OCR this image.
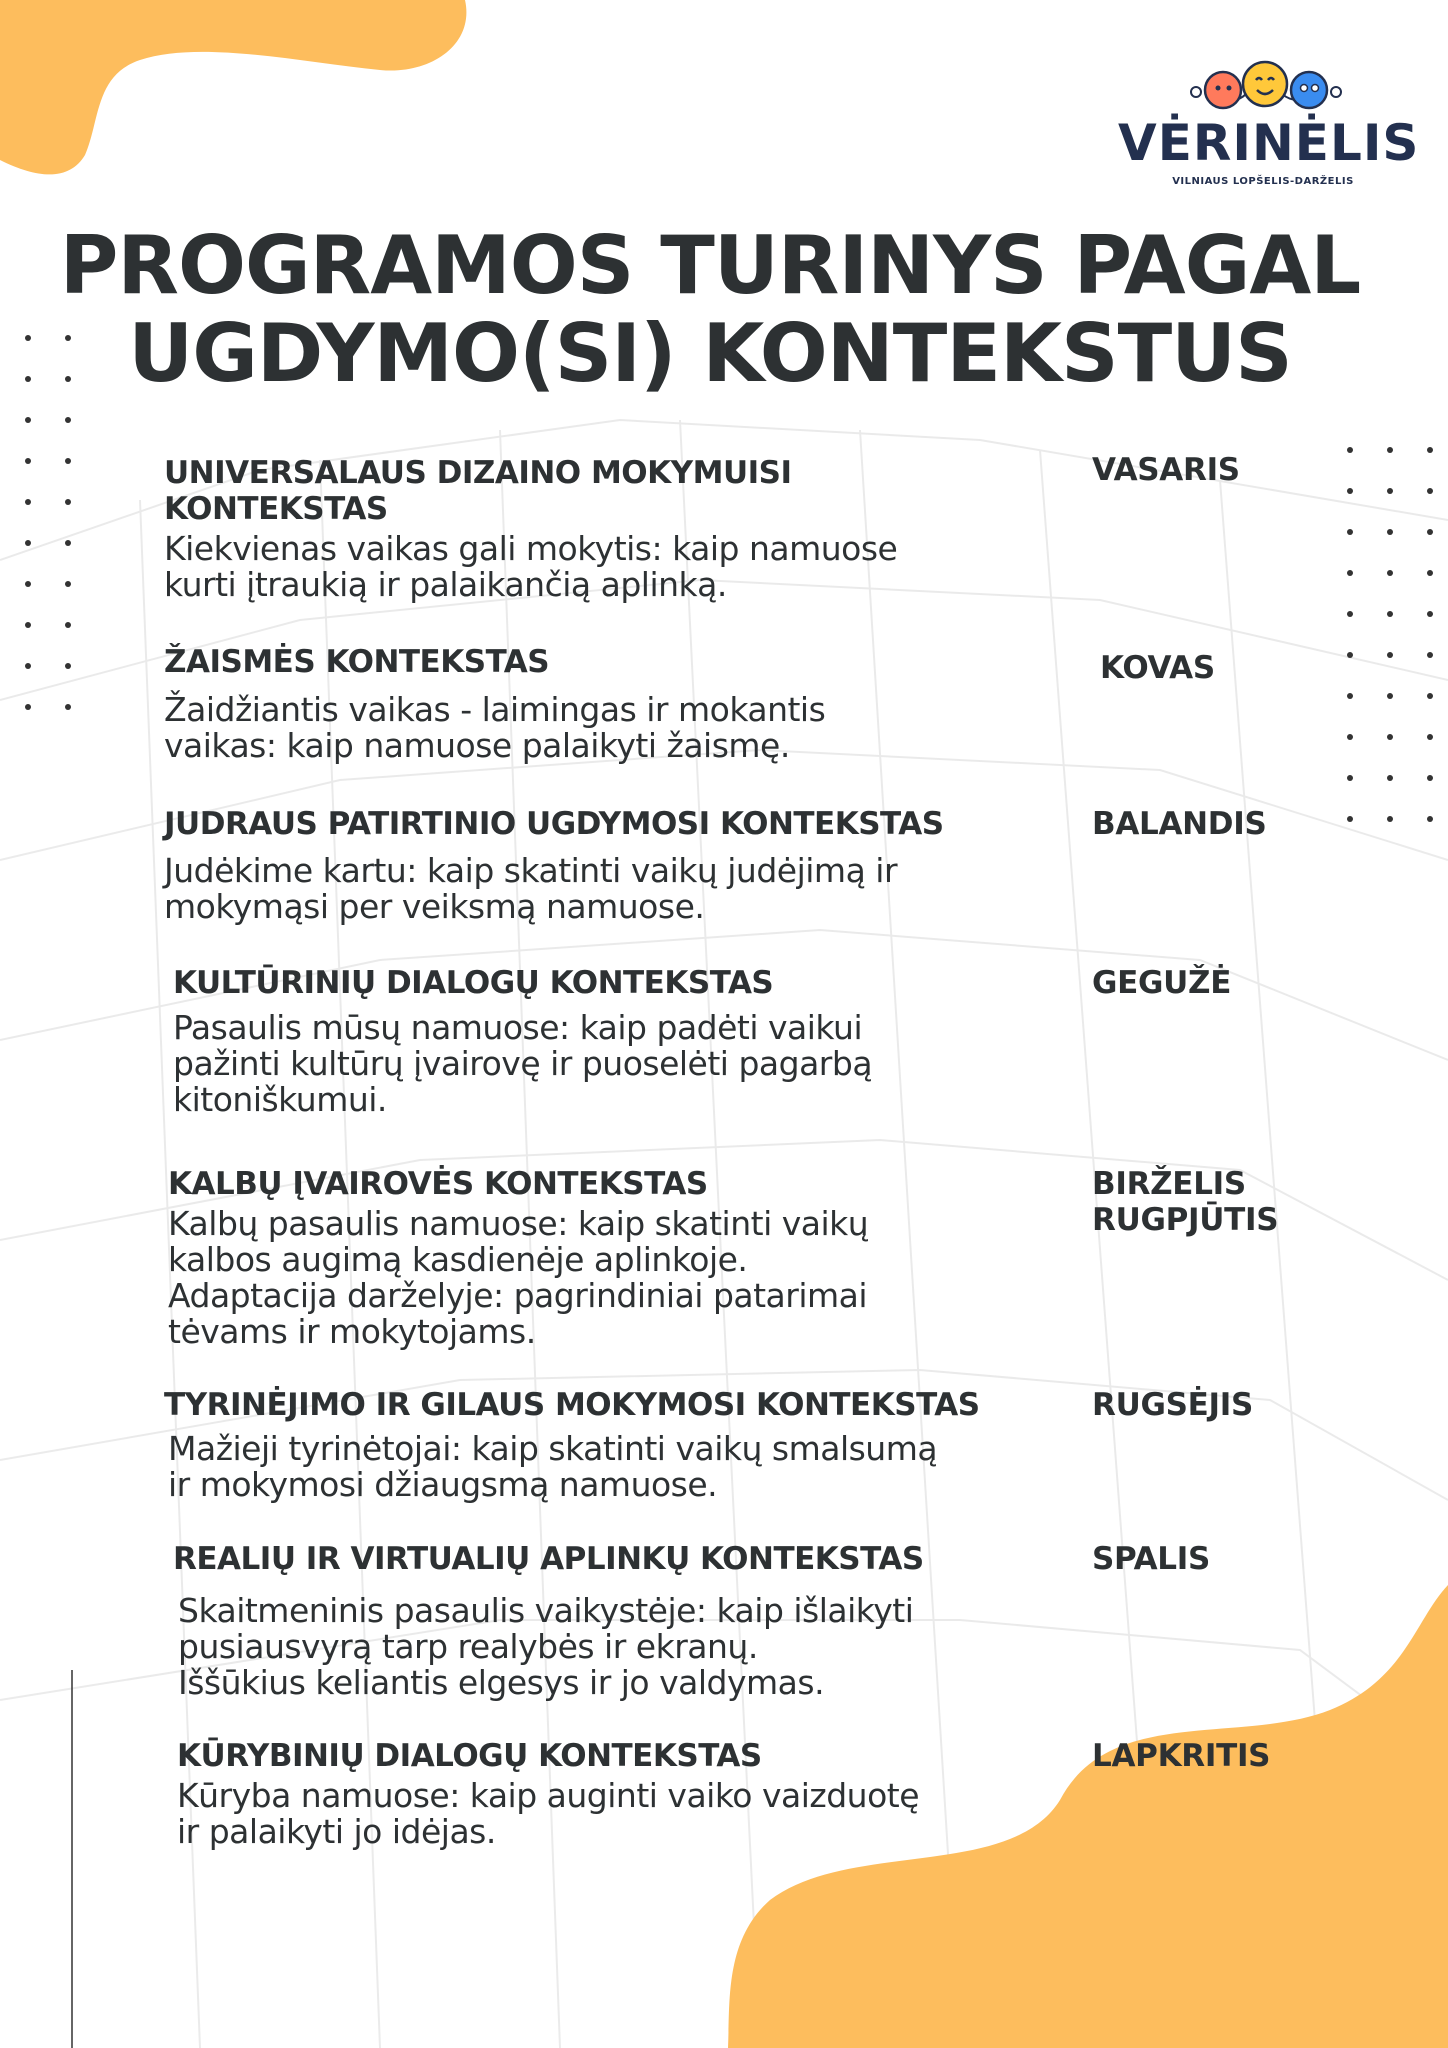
VĖRINĖLIS
VILNIAUS LOPŠELIS-DARŽELIS
PROGRAMOS TURINYS PAGAL
UGDYMO(SI) KONTEKSTUS
UNIVERSALAUS DIZAINO MOKYMUISI KONTEKSTAS
Kiekvienas vaikas gali mokytis: kaip namuose
kurti įtraukią ir palaikančią aplinką.
VASARIS
ŽAISMĖS KONTEKSTAS
Žaidžiantis vaikas - laimingas ir mokantis
vaikas: kaip namuose palaikyti žaismę.
KOVAS
JUDRAUS PATIRTINIO UGDYMOSI KONTEKSTAS
Judėkime kartu: kaip skatinti vaikų judėjimą ir
mokymąsi per veiksmą namuose.
BALANDIS
KULTŪRINIŲ DIALOGŲ KONTEKSTAS
Pasaulis mūsų namuose: kaip padėti vaikui
pažinti kultūrų įvairovę ir puoselėti pagarbą
kitoniškumui.
GEGUŽĖ
KALBŲ ĮVAIROVĖS KONTEKSTAS
Kalbų pasaulis namuose: kaip skatinti vaikų
kalbos augimą kasdienėje aplinkoje.
Adaptacija darželyje: pagrindiniai patarimai
tėvams ir mokytojams.
BIRŽELIS
RUGPJŪTIS
TYRINĖJIMO IR GILAUS MOKYMOSI KONTEKSTAS
Mažieji tyrinėtojai: kaip skatinti vaikų smalsumą
ir mokymosi džiaugsmą namuose.
RUGSĖJIS
REALIŲ IR VIRTUALIŲ APLINKŲ KONTEKSTAS
Skaitmeninis pasaulis vaikystėje: kaip išlaikyti
pusiausvyrą tarp realybės ir ekranų.
Iššūkius keliantis elgesys ir jo valdymas.
SPALIS
KŪRYBINIŲ DIALOGŲ KONTEKSTAS
Kūryba namuose: kaip auginti vaiko vaizduotę
ir palaikyti jo idėjas.
LAPKRITIS
